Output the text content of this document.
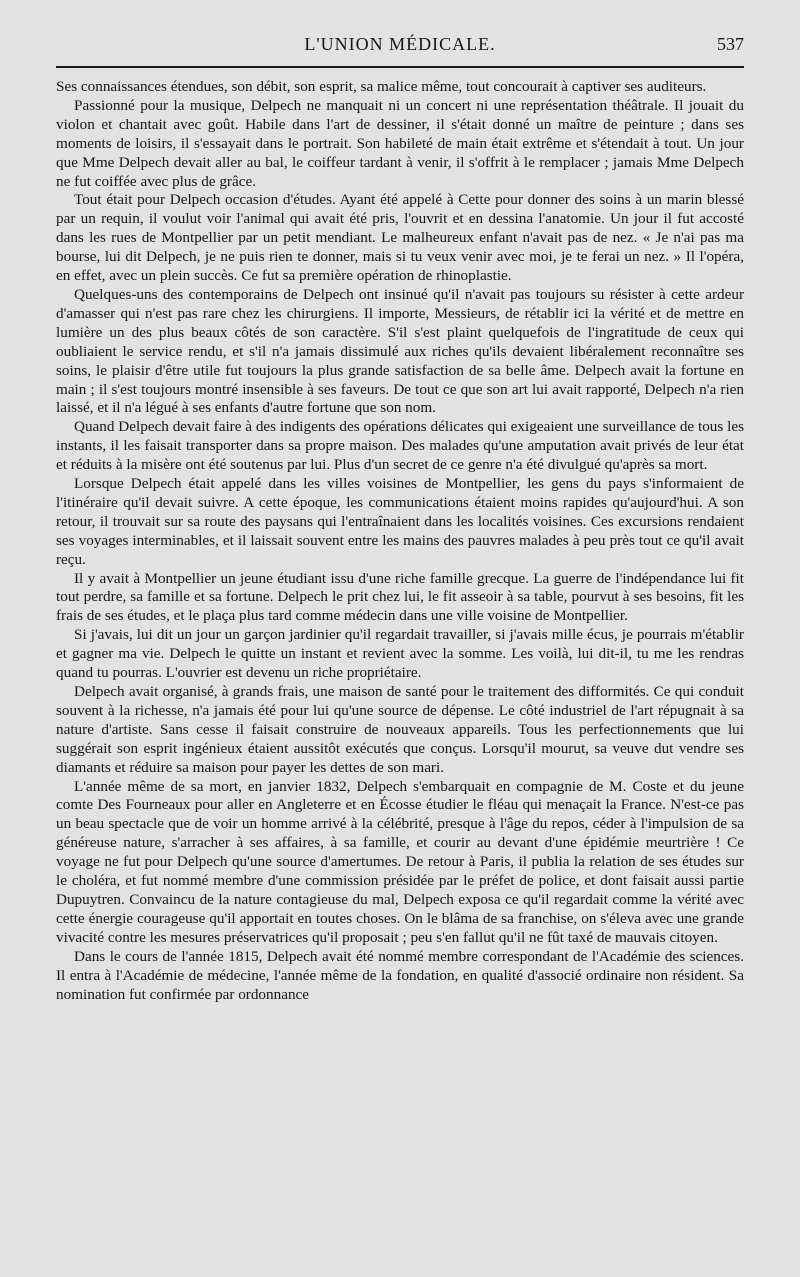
L'UNION MÉDICALE.	537

Ses connaissances étendues, son débit, son esprit, sa malice même, tout concourait à captiver ses auditeurs.

Passionné pour la musique, Delpech ne manquait ni un concert ni une représentation théâtrale. Il jouait du violon et chantait avec goût. Habile dans l'art de dessiner, il s'était donné un maître de peinture ; dans ses moments de loisirs, il s'essayait dans le portrait. Son habileté de main était extrême et s'étendait à tout. Un jour que Mme Delpech devait aller au bal, le coiffeur tardant à venir, il s'offrit à le remplacer ; jamais Mme Delpech ne fut coiffée avec plus de grâce.

Tout était pour Delpech occasion d'études. Ayant été appelé à Cette pour donner des soins à un marin blessé par un requin, il voulut voir l'animal qui avait été pris, l'ouvrit et en dessina l'anatomie. Un jour il fut accosté dans les rues de Montpellier par un petit mendiant. Le malheureux enfant n'avait pas de nez. « Je n'ai pas ma bourse, lui dit Delpech, je ne puis rien te donner, mais si tu veux venir avec moi, je te ferai un nez. » Il l'opéra, en effet, avec un plein succès. Ce fut sa première opération de rhinoplastie.

Quelques-uns des contemporains de Delpech ont insinué qu'il n'avait pas toujours su résister à cette ardeur d'amasser qui n'est pas rare chez les chirurgiens. Il importe, Messieurs, de rétablir ici la vérité et de mettre en lumière un des plus beaux côtés de son caractère. S'il s'est plaint quelquefois de l'ingratitude de ceux qui oubliaient le service rendu, et s'il n'a jamais dissimulé aux riches qu'ils devaient libéralement reconnaître ses soins, le plaisir d'être utile fut toujours la plus grande satisfaction de sa belle âme. Delpech avait la fortune en main ; il s'est toujours montré insensible à ses faveurs. De tout ce que son art lui avait rapporté, Delpech n'a rien laissé, et il n'a légué à ses enfants d'autre fortune que son nom.

Quand Delpech devait faire à des indigents des opérations délicates qui exigeaient une surveillance de tous les instants, il les faisait transporter dans sa propre maison. Des malades qu'une amputation avait privés de leur état et réduits à la misère ont été soutenus par lui. Plus d'un secret de ce genre n'a été divulgué qu'après sa mort.

Lorsque Delpech était appelé dans les villes voisines de Montpellier, les gens du pays s'informaient de l'itinéraire qu'il devait suivre. A cette époque, les communications étaient moins rapides qu'aujourd'hui. A son retour, il trouvait sur sa route des paysans qui l'entraînaient dans les localités voisines. Ces excursions rendaient ses voyages interminables, et il laissait souvent entre les mains des pauvres malades à peu près tout ce qu'il avait reçu.

Il y avait à Montpellier un jeune étudiant issu d'une riche famille grecque. La guerre de l'indépendance lui fit tout perdre, sa famille et sa fortune. Delpech le prit chez lui, le fit asseoir à sa table, pourvut à ses besoins, fit les frais de ses études, et le plaça plus tard comme médecin dans une ville voisine de Montpellier.

Si j'avais, lui dit un jour un garçon jardinier qu'il regardait travailler, si j'avais mille écus, je pourrais m'établir et gagner ma vie. Delpech le quitte un instant et revient avec la somme. Les voilà, lui dit-il, tu me les rendras quand tu pourras. L'ouvrier est devenu un riche propriétaire.

Delpech avait organisé, à grands frais, une maison de santé pour le traitement des difformités. Ce qui conduit souvent à la richesse, n'a jamais été pour lui qu'une source de dépense. Le côté industriel de l'art répugnait à sa nature d'artiste. Sans cesse il faisait construire de nouveaux appareils. Tous les perfectionnements que lui suggérait son esprit ingénieux étaient aussitôt exécutés que conçus. Lorsqu'il mourut, sa veuve dut vendre ses diamants et réduire sa maison pour payer les dettes de son mari.

L'année même de sa mort, en janvier 1832, Delpech s'embarquait en compagnie de M. Coste et du jeune comte Des Fourneaux pour aller en Angleterre et en Écosse étudier le fléau qui menaçait la France. N'est-ce pas un beau spectacle que de voir un homme arrivé à la célébrité, presque à l'âge du repos, céder à l'impulsion de sa généreuse nature, s'arracher à ses affaires, à sa famille, et courir au devant d'une épidémie meurtrière ! Ce voyage ne fut pour Delpech qu'une source d'amertumes. De retour à Paris, il publia la relation de ses études sur le choléra, et fut nommé membre d'une commission présidée par le préfet de police, et dont faisait aussi partie Dupuytren. Convaincu de la nature contagieuse du mal, Delpech exposa ce qu'il regardait comme la vérité avec cette énergie courageuse qu'il apportait en toutes choses. On le blâma de sa franchise, on s'éleva avec une grande vivacité contre les mesures préservatrices qu'il proposait ; peu s'en fallut qu'il ne fût taxé de mauvais citoyen.

Dans le cours de l'année 1815, Delpech avait été nommé membre correspondant de l'Académie des sciences. Il entra à l'Académie de médecine, l'année même de la fondation, en qualité d'associé ordinaire non résident. Sa nomination fut confirmée par ordonnance
